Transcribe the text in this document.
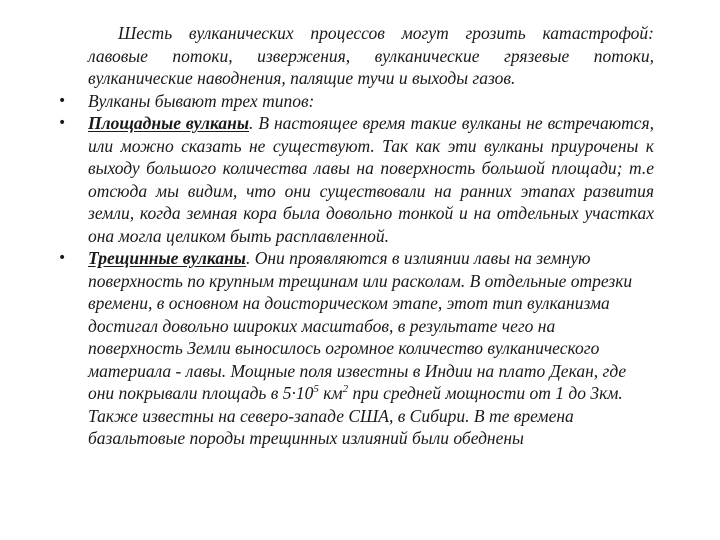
Шесть вулканических процессов могут грозить катастрофой: лавовые потоки, извержения, вулканические грязевые потоки, вулканические наводнения, палящие тучи и выходы газов.

• Вулканы бывают трех типов:

• Площадные вулканы. В настоящее время такие вулканы не встречаются, или можно сказать не существуют. Так как эти вулканы приурочены к выходу большого количества лавы на поверхность большой площади; т.е отсюда мы видим, что они существовали на ранних этапах развития земли, когда земная кора была довольно тонкой и на отдельных участках она могла целиком быть расплавленной.

• Трещинные вулканы. Они проявляются в излиянии лавы на земную поверхность по крупным трещинам или расколам. В отдельные отрезки времени, в основном на доисторическом этапе, этот тип вулканизма достигал довольно широких масштабов, в результате чего на поверхность Земли выносилось огромное количество вулканического материала - лавы. Мощные поля известны в Индии на плато Декан, где они покрывали площадь в $5\cdot 10^5$ $км^2$ при средней мощности от 1 до 3км. Также известны на северо-западе США, в Сибири. В те времена базальтовые породы трещинных излияний были обеднены
